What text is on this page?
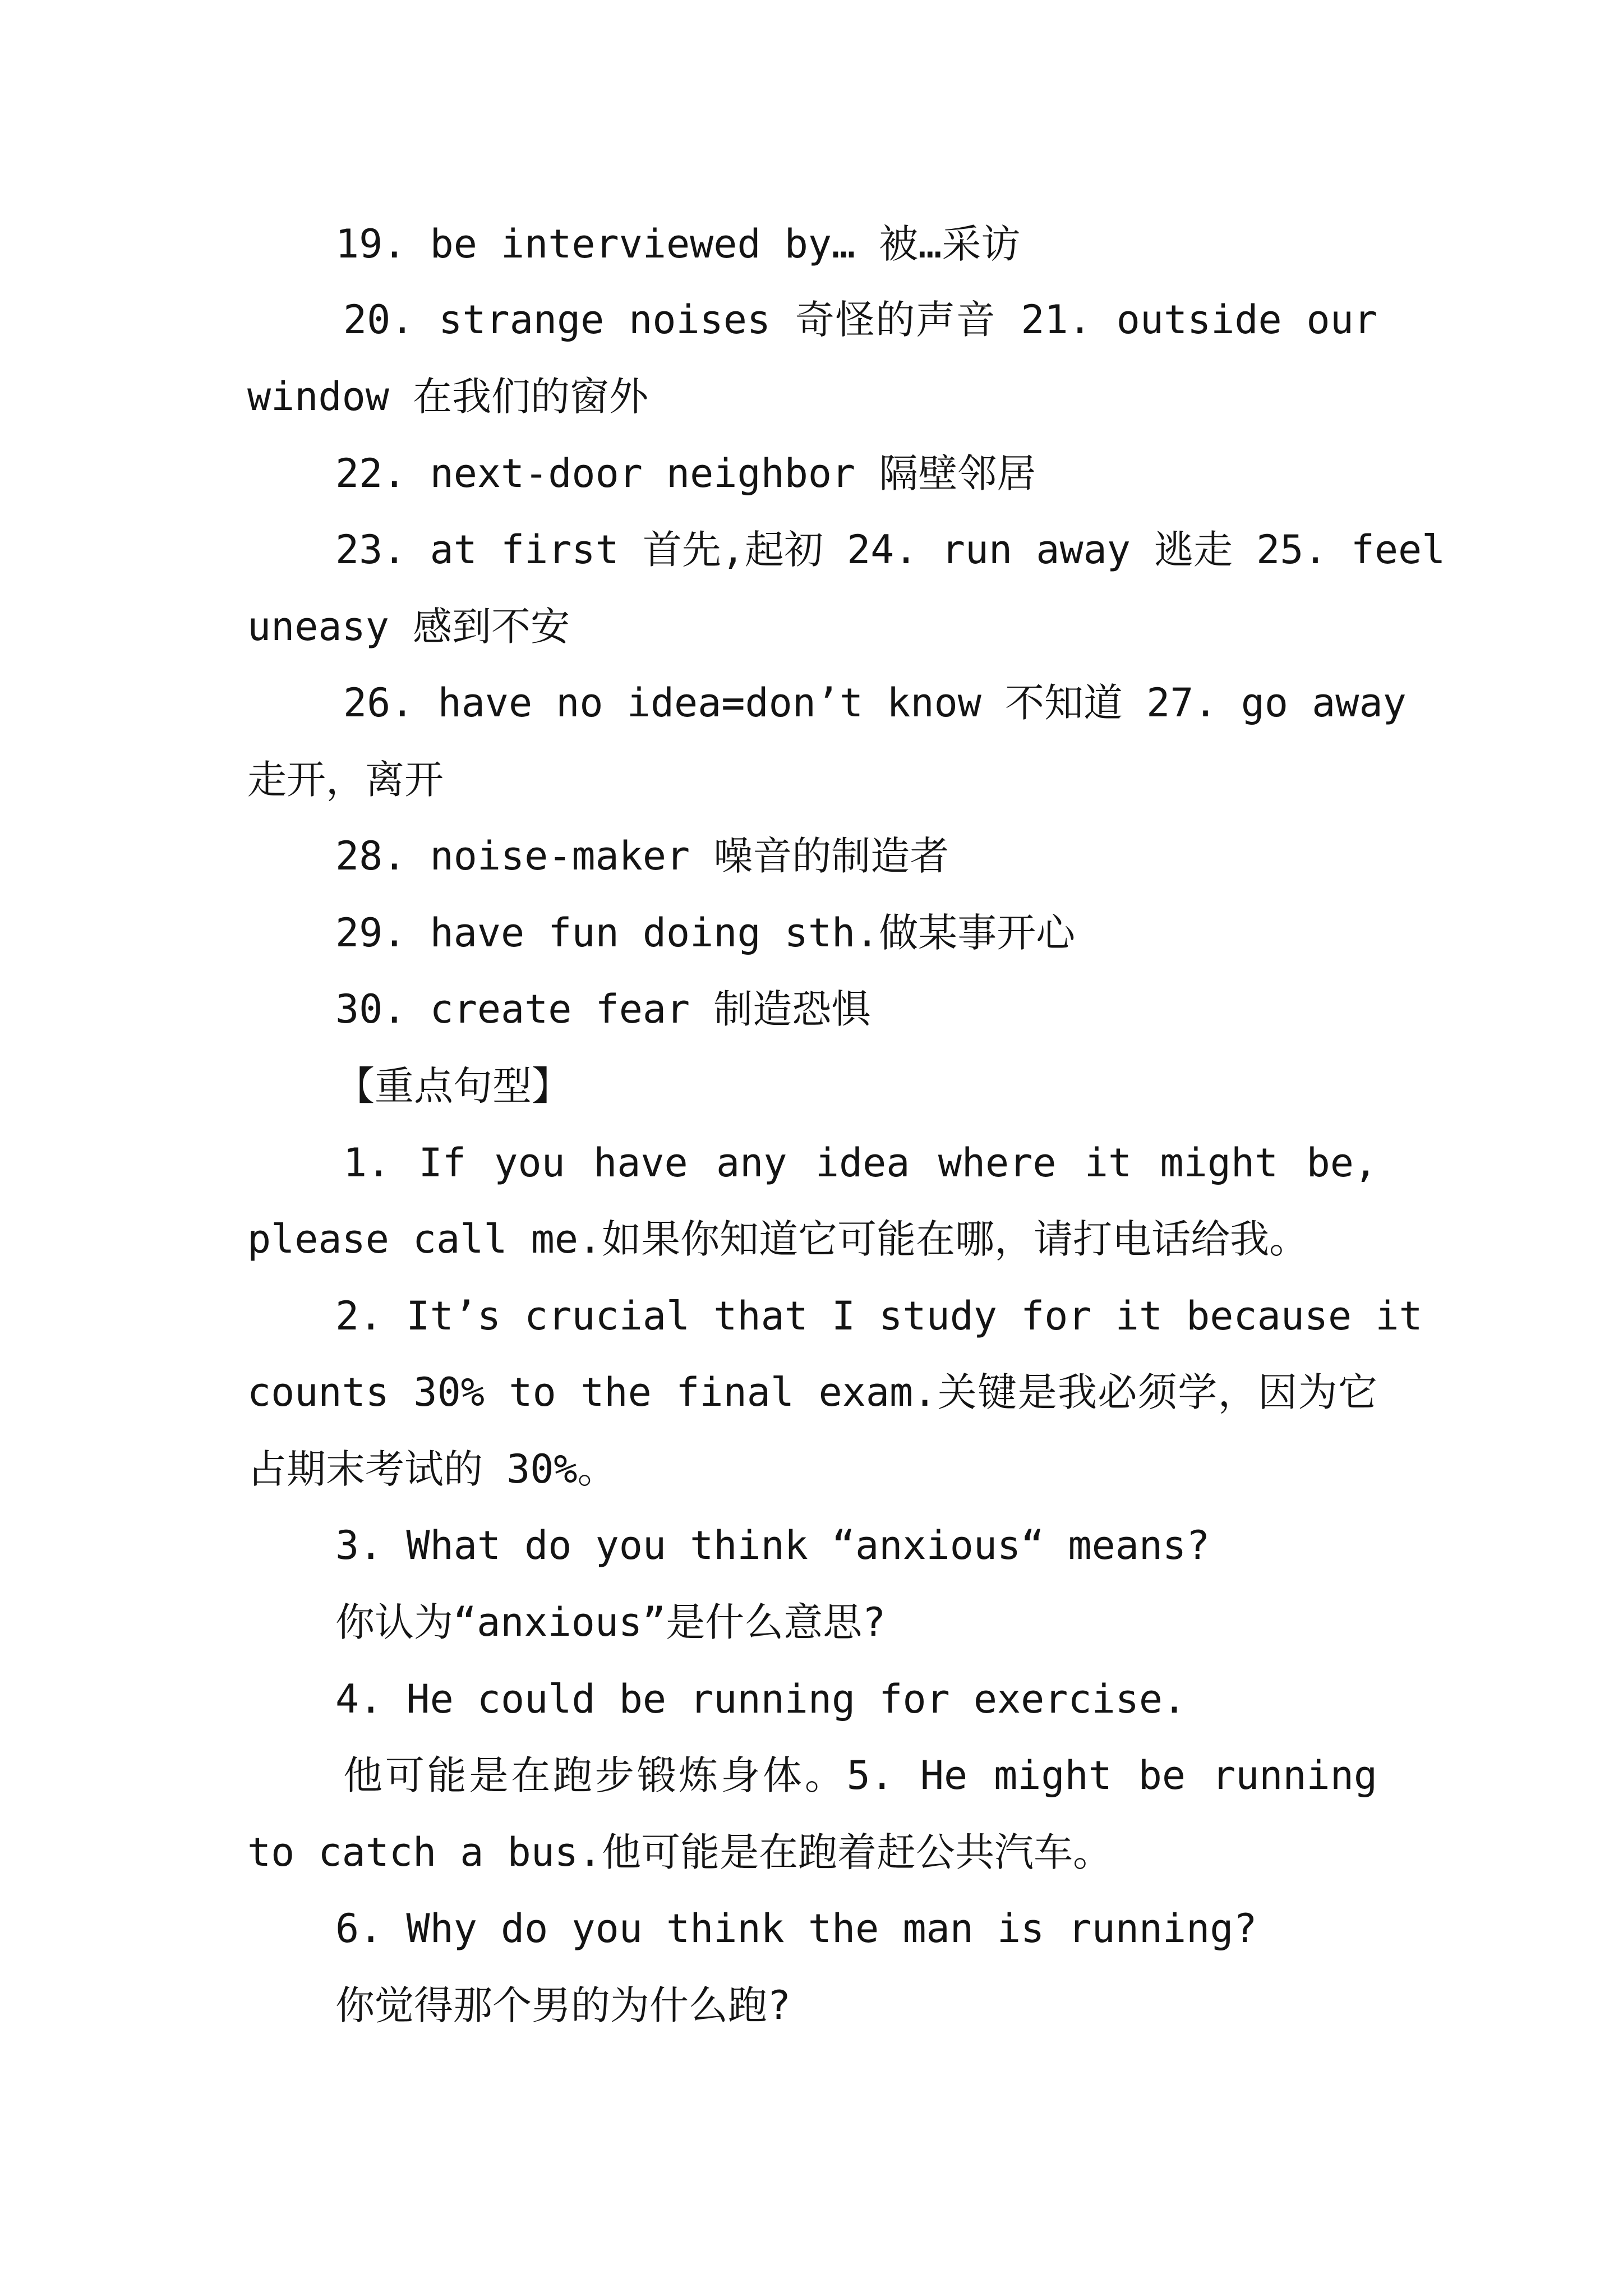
19. be interviewed by… 被…采访

20. strange noises 奇怪的声音 21. outside our

window 在我们的窗外

22. next-door neighbor 隔壁邻居

23. at first 首先,起初 24. run away 逃走 25. feel

uneasy 感到不安

26. have no idea=don’t know 不知道 27. go away

走开，离开

28. noise-maker 噪音的制造者

29. have fun doing sth.做某事开心

30. create fear 制造恐惧

【重点句型】

1. If you have any idea where it might be,

please call me.如果你知道它可能在哪，请打电话给我。

2. It’s crucial that I study for it because it

counts 30% to the final exam.关键是我必须学，因为它

占期末考试的 30%。

3. What do you think “anxious“ means?

你认为“anxious”是什么意思?

4. He could be running for exercise.

他可能是在跑步锻炼身体。5. He might be running

to catch a bus.他可能是在跑着赶公共汽车。

6. Why do you think the man is running?

你觉得那个男的为什么跑?
